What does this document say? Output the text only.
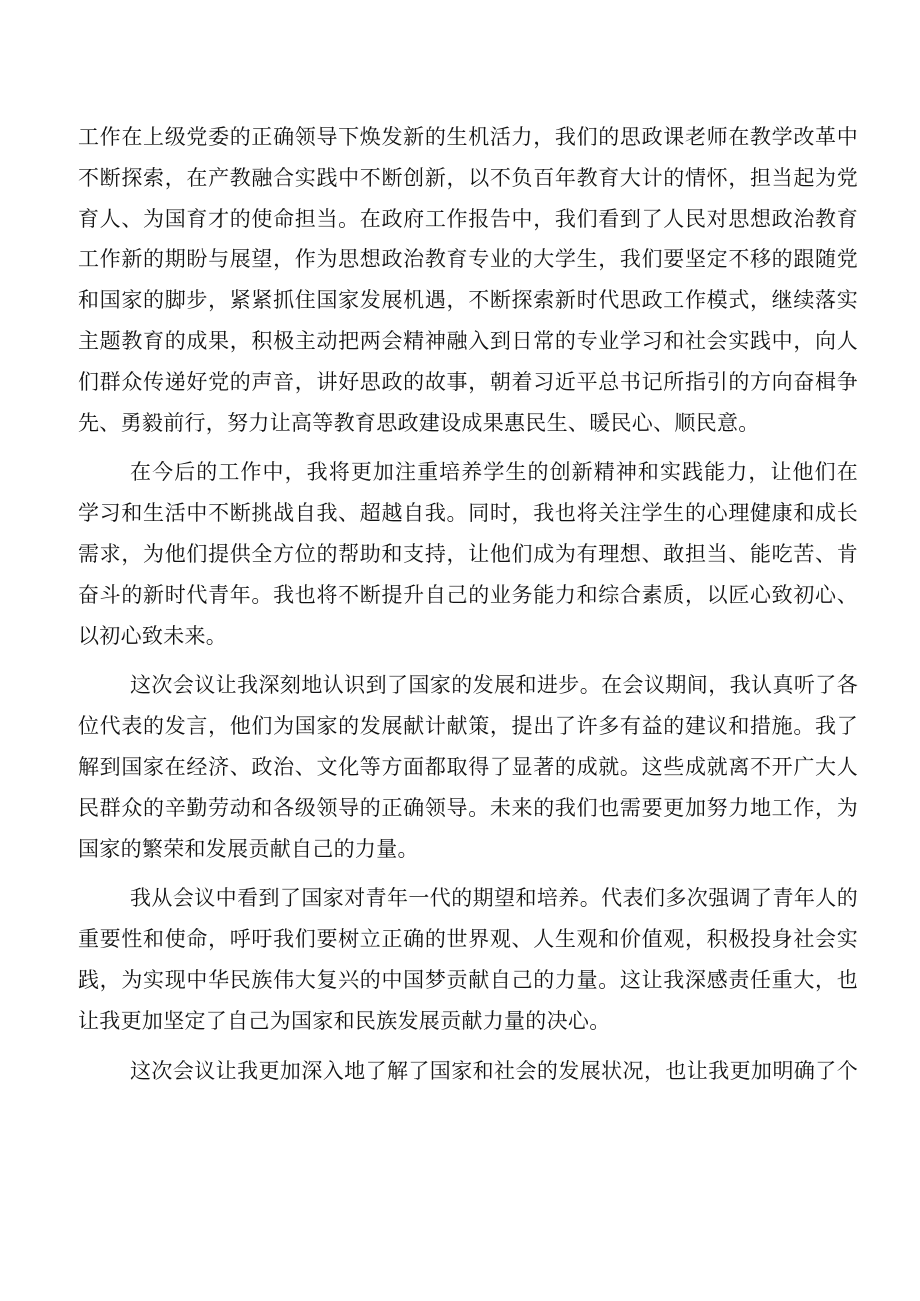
工作在上级党委的正确领导下焕发新的生机活力，我们的思政课老师在教学改革中
不断探索，在产教融合实践中不断创新，以不负百年教育大计的情怀，担当起为党
育人、为国育才的使命担当。在政府工作报告中，我们看到了人民对思想政治教育
工作新的期盼与展望，作为思想政治教育专业的大学生，我们要坚定不移的跟随党
和国家的脚步，紧紧抓住国家发展机遇，不断探索新时代思政工作模式，继续落实
主题教育的成果，积极主动把两会精神融入到日常的专业学习和社会实践中，向人
们群众传递好党的声音，讲好思政的故事，朝着习近平总书记所指引的方向奋楫争
先、勇毅前行，努力让高等教育思政建设成果惠民生、暖民心、顺民意。
在今后的工作中，我将更加注重培养学生的创新精神和实践能力，让他们在
学习和生活中不断挑战自我、超越自我。同时，我也将关注学生的心理健康和成长
需求，为他们提供全方位的帮助和支持，让他们成为有理想、敢担当、能吃苦、肯
奋斗的新时代青年。我也将不断提升自己的业务能力和综合素质，以匠心致初心、
以初心致未来。
这次会议让我深刻地认识到了国家的发展和进步。在会议期间，我认真听了各
位代表的发言，他们为国家的发展献计献策，提出了许多有益的建议和措施。我了
解到国家在经济、政治、文化等方面都取得了显著的成就。这些成就离不开广大人
民群众的辛勤劳动和各级领导的正确领导。未来的我们也需要更加努力地工作，为
国家的繁荣和发展贡献自己的力量。
我从会议中看到了国家对青年一代的期望和培养。代表们多次强调了青年人的
重要性和使命，呼吁我们要树立正确的世界观、人生观和价值观，积极投身社会实
践，为实现中华民族伟大复兴的中国梦贡献自己的力量。这让我深感责任重大，也
让我更加坚定了自己为国家和民族发展贡献力量的决心。
这次会议让我更加深入地了解了国家和社会的发展状况，也让我更加明确了个
